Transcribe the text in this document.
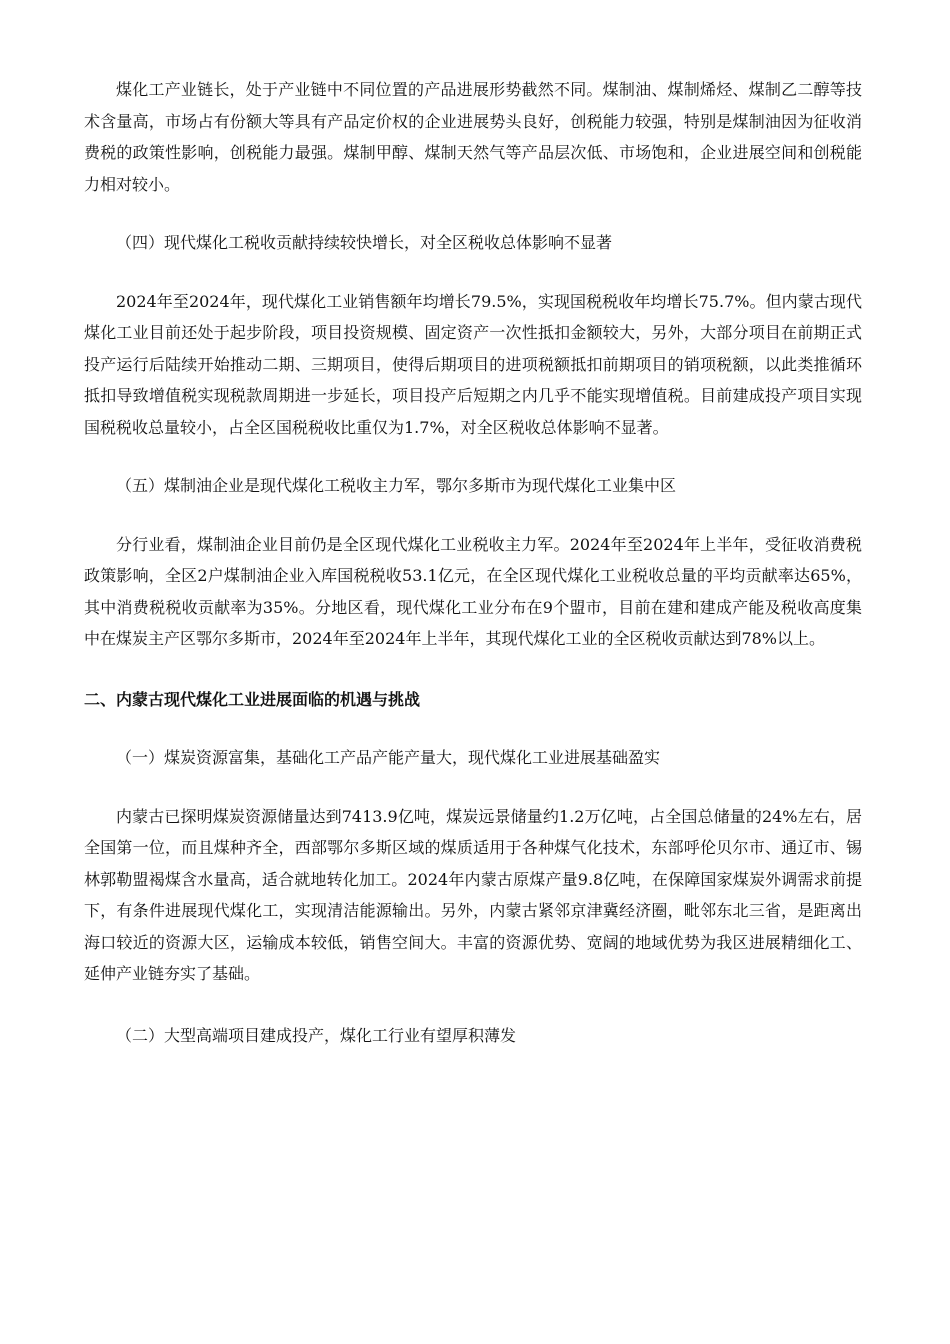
煤化工产业链长，处于产业链中不同位置的产品进展形势截然不同。煤制油、煤制烯烃、煤制乙二醇等技术含量高，市场占有份额大等具有产品定价权的企业进展势头良好，创税能力较强，特别是煤制油因为征收消费税的政策性影响，创税能力最强。煤制甲醇、煤制天然气等产品层次低、市场饱和，企业进展空间和创税能力相对较小。

（四）现代煤化工税收贡献持续较快增长，对全区税收总体影响不显著

2024年至2024年，现代煤化工业销售额年均增长79.5%，实现国税税收年均增长75.7%。但内蒙古现代煤化工业目前还处于起步阶段，项目投资规模、固定资产一次性抵扣金额较大，另外，大部分项目在前期正式投产运行后陆续开始推动二期、三期项目，使得后期项目的进项税额抵扣前期项目的销项税额，以此类推循环抵扣导致增值税实现税款周期进一步延长，项目投产后短期之内几乎不能实现增值税。目前建成投产项目实现国税税收总量较小，占全区国税税收比重仅为1.7%，对全区税收总体影响不显著。

（五）煤制油企业是现代煤化工税收主力军，鄂尔多斯市为现代煤化工业集中区

分行业看，煤制油企业目前仍是全区现代煤化工业税收主力军。2024年至2024年上半年，受征收消费税政策影响，全区2户煤制油企业入库国税税收53.1亿元，在全区现代煤化工业税收总量的平均贡献率达65%，其中消费税税收贡献率为35%。分地区看，现代煤化工业分布在9个盟市，目前在建和建成产能及税收高度集中在煤炭主产区鄂尔多斯市，2024年至2024年上半年，其现代煤化工业的全区税收贡献达到78%以上。

二、内蒙古现代煤化工业进展面临的机遇与挑战

（一）煤炭资源富集，基础化工产品产能产量大，现代煤化工业进展基础盈实

内蒙古已探明煤炭资源储量达到7413.9亿吨，煤炭远景储量约1.2万亿吨，占全国总储量的24%左右，居全国第一位，而且煤种齐全，西部鄂尔多斯区域的煤质适用于各种煤气化技术，东部呼伦贝尔市、通辽市、锡林郭勒盟褐煤含水量高，适合就地转化加工。2024年内蒙古原煤产量9.8亿吨，在保障国家煤炭外调需求前提下，有条件进展现代煤化工，实现清洁能源输出。另外，内蒙古紧邻京津冀经济圈，毗邻东北三省，是距离出海口较近的资源大区，运输成本较低，销售空间大。丰富的资源优势、宽阔的地域优势为我区进展精细化工、延伸产业链夯实了基础。

（二）大型高端项目建成投产，煤化工行业有望厚积薄发
